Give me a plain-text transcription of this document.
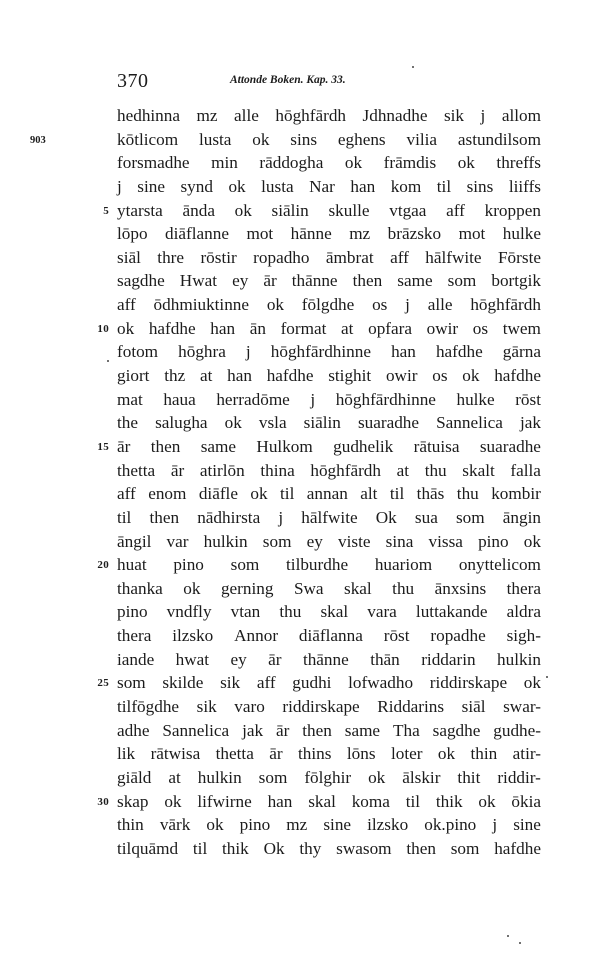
370	Attonde Boken. Kap. 33.
hedhinna mz alle hōghfārdh Jdhnadhe sik j allom
kōtlicom lusta ok sins eghens vilia astundilsom
903
forsmadhe min rāddogha ok frāmdis ok threffs
j sine synd ok lusta Nar han kom til sins liiffs
ytarsta ānda ok siālin skulle vtgaa aff kroppen
5
lōpo diāflanne mot hānne mz brāzsko mot hulke
siāl thre rōstir ropadho āmbrat aff hālfwite Fōrste
sagdhe Hwat ey ār thānne then same som bortgik
aff ōdhmiuktinne ok fōlgdhe os j alle hōghfārdh
ok hafdhe han ān format at opfara owir os twem
10
fotom hōghra j hōghfārdhinne han hafdhe gārna
giort thz at han hafdhe stighit owir os ok hafdhe
mat haua herradōme j hōghfārdhinne hulke rōst
the salugha ok vsla siālin suaradhe Sannelica jak
ār then same Hulkom gudhelik rātuisa suaradhe
15
thetta ār atirlōn thina hōghfārdh at thu skalt falla
aff enom diāfle ok til annan alt til thās thu kombir
til then nādhirsta j hālfwite Ok sua som āngin
āngil var hulkin som ey viste sina vissa pino ok
huat pino som tilburdhe huariom onyttelicom
20
thanka ok gerning Swa skal thu ānxsins thera
pino vndfly vtan thu skal vara luttakande aldra
thera ilzsko Annor diāflanna rōst ropadhe sigh-
iande hwat ey ār thānne thān riddarin hulkin
som skilde sik aff gudhi lofwadho riddirskape ok
25
tilfōgdhe sik varo riddirskape Riddarins siāl swar-
adhe Sannelica jak ār then same Tha sagdhe gudhe-
lik rātwisa thetta ār thins lōns loter ok thin atir-
giāld at hulkin som fōlghir ok ālskir thit riddir-
skap ok lifwirne han skal koma til thik ok ōkia
30
thin vārk ok pino mz sine ilzsko ok.pino j sine
tilquāmd til thik Ok thy swasom then som hafdhe
